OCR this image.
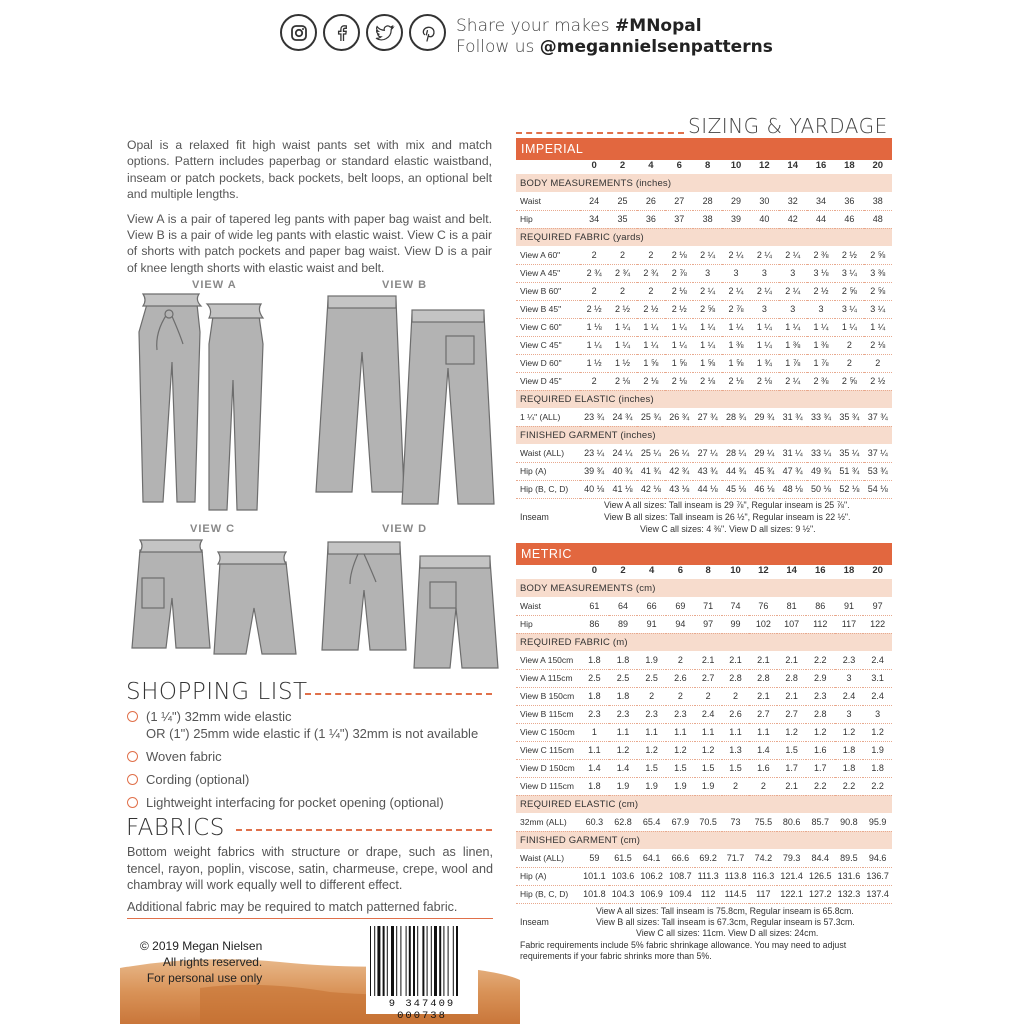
Share your makes #MNopal
Follow us @megannielsenpatterns

Opal is a relaxed fit high waist pants set with mix and match options. Pattern includes paperbag or standard elastic waistband, inseam or patch pockets, back pockets, belt loops, an optional belt and multiple lengths.

View A is a pair of tapered leg pants with paper bag waist and belt. View B is a pair of wide leg pants with elastic waist. View C is a pair of shorts with patch pockets and paper bag waist. View D is a pair of knee length shorts with elastic waist and belt.

VIEW A	VIEW B
VIEW C	VIEW D
SHOPPING LIST
(1 ¼") 32mm wide elastic
OR (1") 25mm wide elastic if (1 ¼") 32mm is not available
Woven fabric
Cording (optional)
Lightweight interfacing for pocket opening (optional)
FABRICS
Bottom weight fabrics with structure or drape, such as linen, tencel, rayon, poplin, viscose, satin, charmeuse, crepe, wool and chambray will work equally well to different effect.
Additional fabric may be required to match patterned fabric.
© 2019 Megan Nielsen
All rights reserved.
For personal use only
9 347409 000738
SIZING & YARDAGE
IMPERIAL
	0	2	4	6	8	10	12	14	16	18	20
BODY MEASUREMENTS (inches)											
Waist	24	25	26	27	28	29	30	32	34	36	38
Hip	34	35	36	37	38	39	40	42	44	46	48
REQUIRED FABRIC (yards)											
View A 60"	2	2	2	2 ⅛	2 ¼	2 ¼	2 ¼	2 ¼	2 ⅜	2 ½	2 ⅝
View A 45"	2 ¾	2 ¾	2 ¾	2 ⅞	3	3	3	3	3 ⅛	3 ¼	3 ⅜
View B 60"	2	2	2	2 ⅛	2 ¼	2 ¼	2 ¼	2 ¼	2 ½	2 ⅝	2 ⅝
View B 45"	2 ½	2 ½	2 ½	2 ½	2 ⅝	2 ⅞	3	3	3	3 ¼	3 ¼
View C 60"	1 ⅛	1 ¼	1 ¼	1 ¼	1 ¼	1 ¼	1 ¼	1 ¼	1 ¼	1 ¼	1 ¼
View C 45"	1 ¼	1 ¼	1 ¼	1 ¼	1 ¼	1 ⅜	1 ¼	1 ⅜	1 ⅜	2	2 ⅛
View D 60"	1 ½	1 ½	1 ⅝	1 ⅝	1 ⅝	1 ⅝	1 ¾	1 ⅞	1 ⅞	2	2
View D 45"	2	2 ⅛	2 ⅛	2 ⅛	2 ⅛	2 ⅛	2 ⅛	2 ¼	2 ⅜	2 ⅝	2 ½
REQUIRED ELASTIC (inches)											
1 ¼" (ALL)	23 ¾	24 ¾	25 ¾	26 ¾	27 ¾	28 ¾	29 ¾	31 ¾	33 ¾	35 ¾	37 ¾
FINISHED GARMENT (inches)											
Waist (ALL)	23 ¼	24 ¼	25 ¼	26 ¼	27 ¼	28 ¼	29 ¼	31 ¼	33 ¼	35 ¼	37 ¼
Hip (A)	39 ¾	40 ¾	41 ¾	42 ¾	43 ¾	44 ¾	45 ¾	47 ¾	49 ¾	51 ¾	53 ¾
Hip (B, C, D)	40 ⅛	41 ⅛	42 ⅛	43 ⅛	44 ⅛	45 ⅛	46 ⅛	48 ⅛	50 ⅛	52 ⅛	54 ⅛
Inseam
View A all sizes: Tall inseam is 29 ⅞", Regular inseam is 25 ⅞".
View B all sizes: Tall inseam is 26 ½", Regular inseam is 22 ½".
View C all sizes: 4 ⅜". View D all sizes: 9 ½".
METRIC
	0	2	4	6	8	10	12	14	16	18	20
BODY MEASUREMENTS (cm)											
Waist	61	64	66	69	71	74	76	81	86	91	97
Hip	86	89	91	94	97	99	102	107	112	117	122
REQUIRED FABRIC (m)											
View A 150cm	1.8	1.8	1.9	2	2.1	2.1	2.1	2.1	2.2	2.3	2.4
View A 115cm	2.5	2.5	2.5	2.6	2.7	2.8	2.8	2.8	2.9	3	3.1
View B 150cm	1.8	1.8	2	2	2	2	2.1	2.1	2.3	2.4	2.4
View B 115cm	2.3	2.3	2.3	2.3	2.4	2.6	2.7	2.7	2.8	3	3
View C 150cm	1	1.1	1.1	1.1	1.1	1.1	1.1	1.2	1.2	1.2	1.2
View C 115cm	1.1	1.2	1.2	1.2	1.2	1.3	1.4	1.5	1.6	1.8	1.9
View D 150cm	1.4	1.4	1.5	1.5	1.5	1.5	1.6	1.7	1.7	1.8	1.8
View D 115cm	1.8	1.9	1.9	1.9	1.9	2	2	2.1	2.2	2.2	2.2
REQUIRED ELASTIC (cm)											
32mm (ALL)	60.3	62.8	65.4	67.9	70.5	73	75.5	80.6	85.7	90.8	95.9
FINISHED GARMENT (cm)											
Waist (ALL)	59	61.5	64.1	66.6	69.2	71.7	74.2	79.3	84.4	89.5	94.6
Hip (A)	101.1	103.6	106.2	108.7	111.3	113.8	116.3	121.4	126.5	131.6	136.7
Hip (B, C, D)	101.8	104.3	106.9	109.4	112	114.5	117	122.1	127.2	132.3	137.4
Inseam
View A all sizes: Tall inseam is 75.8cm, Regular inseam is 65.8cm.
View B all sizes: Tall inseam is 67.3cm, Regular inseam is 57.3cm.
View C all sizes: 11cm. View D all sizes: 24cm.
Fabric requirements include 5% fabric shrinkage allowance. You may need to adjust
requirements if your fabric shrinks more than 5%.
